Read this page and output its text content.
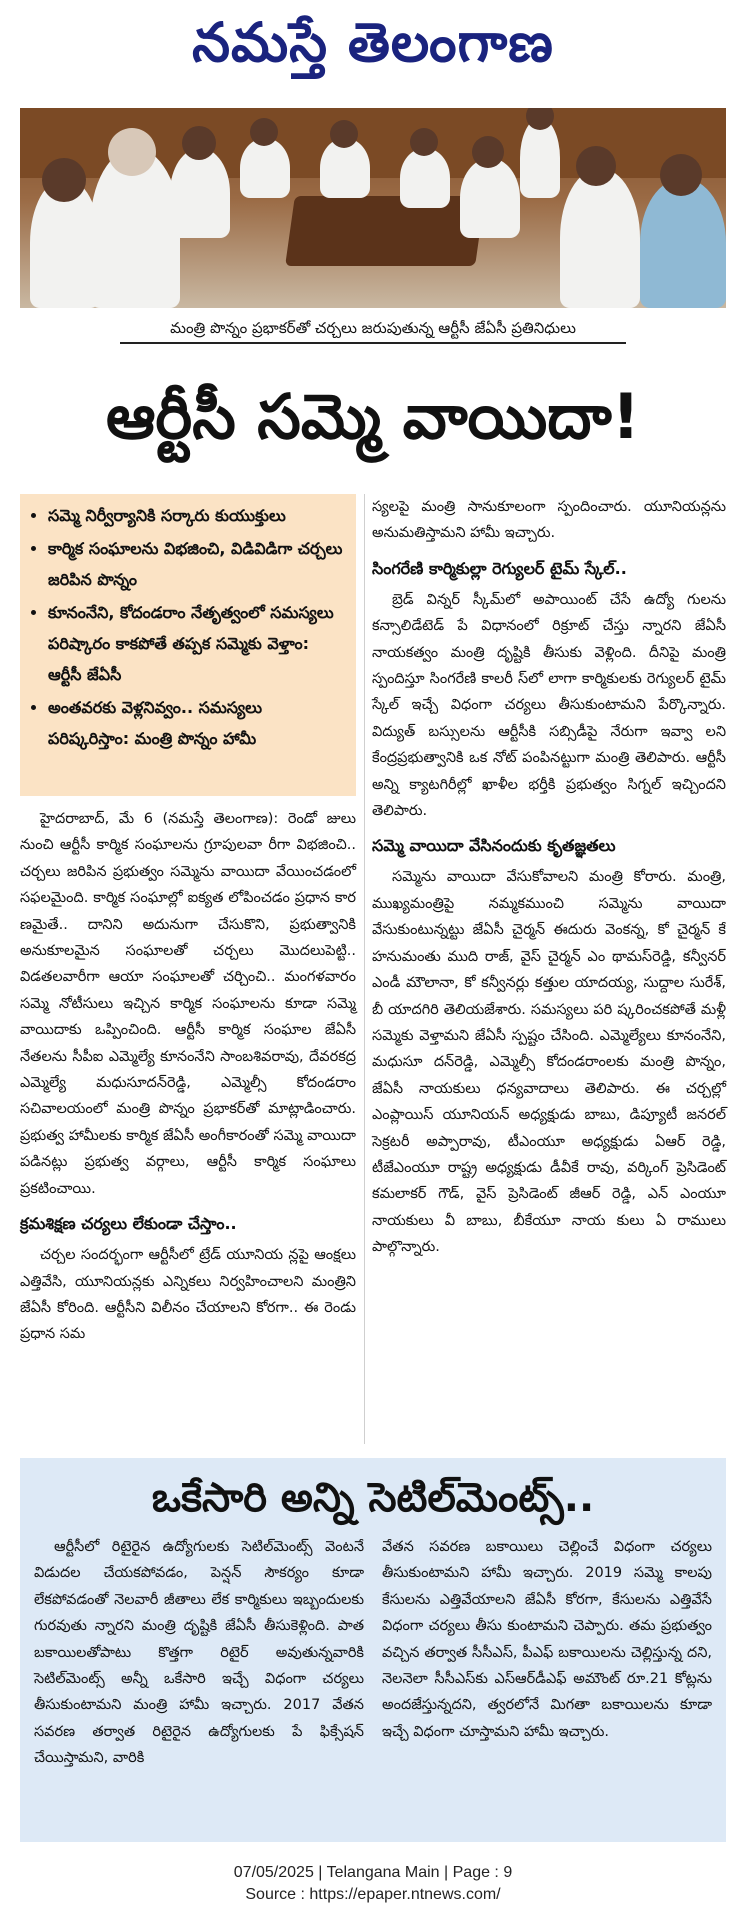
నమస్తే తెలంగాణ
మంత్రి పొన్నం ప్రభాకర్‌తో చర్చలు జరుపుతున్న ఆర్టీసీ జేఏసీ ప్రతినిధులు
ఆర్టీసీ సమ్మె వాయిదా!
• సమ్మె నిర్వీర్యానికి సర్కారు కుయుక్తులు
• కార్మిక సంఘాలను విభజించి, విడివిడిగా చర్చలు జరిపిన పొన్నం
• కూనంనేని, కోదండరాం నేతృత్వంలో సమస్యలు పరిష్కారం కాకపోతే తప్పక సమ్మెకు వెళ్తాం: ఆర్టీసీ జేఏసీ
• అంతవరకు వెళ్లనివ్వం.. సమస్యలు పరిష్కరిస్తాం: మంత్రి పొన్నం హామీ

హైదరాబాద్, మే 6 (నమస్తే తెలంగాణ): రెండో జులు నుంచి ఆర్టీసీ కార్మిక సంఘాలను గ్రూపులవా రీగా విభజించి.. చర్చలు జరిపిన ప్రభుత్వం సమ్మెను వాయిదా వేయించడంలో సఫలమైంది. కార్మిక సంఘాల్లో ఐక్యత లోపించడం ప్రధాన కార ణమైతే.. దానిని అదునుగా చేసుకొని, ప్రభుత్వానికి అనుకూలమైన సంఘాలతో చర్చలు మొదలుపెట్టి.. విడతలవారీగా ఆయా సంఘాలతో చర్చించి.. మంగళవారం సమ్మె నోటీసులు ఇచ్చిన కార్మిక సంఘాలను కూడా సమ్మె వాయిదాకు ఒప్పించింది. ఆర్టీసీ కార్మిక సంఘాల జేఏసీ నేతలను సీపీఐ ఎమ్మెల్యే కూనంనేని సాంబశివరావు, దేవరకద్ర ఎమ్మెల్యే మధుసూదన్‌రెడ్డి, ఎమ్మెల్సీ కోదండరాం సచివాలయంలో మంత్రి పొన్నం ప్రభాకర్‌తో మాట్లాడించారు. ప్రభుత్వ హామీలకు కార్మిక జేఏసీ అంగీకారంతో సమ్మె వాయిదా పడినట్లు ప్రభుత్వ వర్గాలు, ఆర్టీసీ కార్మిక సంఘాలు ప్రకటించాయి.

క్రమశిక్షణ చర్యలు లేకుండా చేస్తాం..

చర్చల సందర్భంగా ఆర్టీసీలో ట్రేడ్ యూనియ న్లపై ఆంక్షలు ఎత్తివేసి, యూనియన్లకు ఎన్నికలు నిర్వహించాలని మంత్రిని జేఏసీ కోరింది. ఆర్టీసీని విలీనం చేయాలని కోరగా.. ఈ రెండు ప్రధాన సమ

స్యలపై మంత్రి సానుకూలంగా స్పందించారు. యూనియన్లను అనుమతిస్తామని హామీ ఇచ్చారు.

సింగరేణి కార్మికుల్లా రెగ్యులర్ టైమ్ స్కేల్..

బ్రెడ్ విన్నర్ స్కీమ్‌లో అపాయింట్ చేసే ఉద్యో గులను కన్సాలిడేటెడ్ పే విధానంలో రిక్రూట్ చేస్తు న్నారని జేఏసీ నాయకత్వం మంత్రి దృష్టికి తీసుకు వెళ్లింది. దీనిపై మంత్రి స్పందిస్తూ సింగరేణి కాలరీ స్‌లో లాగా కార్మికులకు రెగ్యులర్ టైమ్ స్కేల్ ఇచ్చే విధంగా చర్యలు తీసుకుంటామని పేర్కొన్నారు. విద్యుత్ బస్సులను ఆర్టీసీకి సబ్సిడీపై నేరుగా ఇవ్వా లని కేంద్రప్రభుత్వానికి ఒక నోట్ పంపినట్టుగా మంత్రి తెలిపారు. ఆర్టీసీ అన్ని క్యాటగిరీల్లో ఖాళీల భర్తీకి ప్రభుత్వం సిగ్నల్ ఇచ్చిందని తెలిపారు.

సమ్మె వాయిదా వేసినందుకు కృతజ్ఞతలు

సమ్మెను వాయిదా వేసుకోవాలని మంత్రి కోరారు. మంత్రి, ముఖ్యమంత్రిపై నమ్మకముంచి సమ్మెను వాయిదా వేసుకుంటున్నట్టు జేఏసీ చైర్మన్ ఈదురు వెంకన్న, కో చైర్మన్ కే హనుమంతు ముది రాజ్, వైస్ చైర్మన్ ఎం థామస్‌రెడ్డి, కన్వీనర్ ఎండీ మౌలానా, కో కన్వీనర్లు కత్తుల యాదయ్య, సుద్దాల సురేశ్, బీ యాదగిరి తెలియజేశారు. సమస్యలు పరి ష్కరించకపోతే మళ్లీ సమ్మెకు వెళ్తామని జేఏసీ స్పష్టం చేసింది. ఎమ్మెల్యేలు కూనంనేని, మధుసూ దన్‌రెడ్డి, ఎమ్మెల్సీ కోదండరాంలకు మంత్రి పొన్నం, జేఏసీ నాయకులు ధన్యవాదాలు తెలిపారు. ఈ చర్చల్లో ఎంప్లాయిస్ యూనియన్ అధ్యక్షుడు బాబు, డిప్యూటీ జనరల్ సెక్రటరీ అప్పారావు, టీఎంయూ అధ్యక్షుడు ఏఆర్ రెడ్డి, టీజేఎంయూ రాష్ట్ర అధ్యక్షుడు డీవీకే రావు, వర్కింగ్ ప్రెసిడెంట్ కమలాకర్ గౌడ్, వైస్ ప్రెసిడెంట్ జీఆర్ రెడ్డి, ఎన్ ఎంయూ నాయకులు వీ బాబు, బీకేయూ నాయ కులు ఏ రాములు పాల్గొన్నారు.

ఒకేసారి అన్ని సెటిల్‌మెంట్స్..

ఆర్టీసీలో రిటైరైన ఉద్యోగులకు సెటిల్‌మెంట్స్ వెంటనే విడుదల చేయకపోవడం, పెన్షన్ సౌకర్యం కూడా లేకపోవడంతో నెలవారీ జీతాలు లేక కార్మికులు ఇబ్బందులకు గురవుతు న్నారని మంత్రి దృష్టికి జేఏసీ తీసుకెళ్లింది. పాత బకాయిలతోపాటు కొత్తగా రిటైర్ అవుతున్నవారికి సెటిల్‌మెంట్స్ అన్నీ ఒకేసారి ఇచ్చే విధంగా చర్యలు తీసుకుంటామని మంత్రి హామీ ఇచ్చారు. 2017 వేతన సవరణ తర్వాత రిటైరైన ఉద్యోగులకు పే ఫిక్సేషన్ చేయిస్తామని, వారికి

వేతన సవరణ బకాయిలు చెల్లించే విధంగా చర్యలు తీసుకుంటామని హామీ ఇచ్చారు. 2019 సమ్మె కాలపు కేసులను ఎత్తివేయాలని జేఏసీ కోరగా, కేసులను ఎత్తివేసే విధంగా చర్యలు తీసు కుంటామని చెప్పారు. తమ ప్రభుత్వం వచ్చిన తర్వాత సీసీఎస్, పీఎఫ్ బకాయిలను చెల్లిస్తున్న దని, నెలనెలా సీసీఎస్‌కు ఎస్‌ఆర్‌డీఎఫ్ అమౌంట్ రూ.21 కోట్లను అందజేస్తున్నదని, త్వరలోనే మిగతా బకాయిలను కూడా ఇచ్చే విధంగా చూస్తామని హామీ ఇచ్చారు.

07/05/2025 | Telangana Main | Page : 9
Source : https://epaper.ntnews.com/
